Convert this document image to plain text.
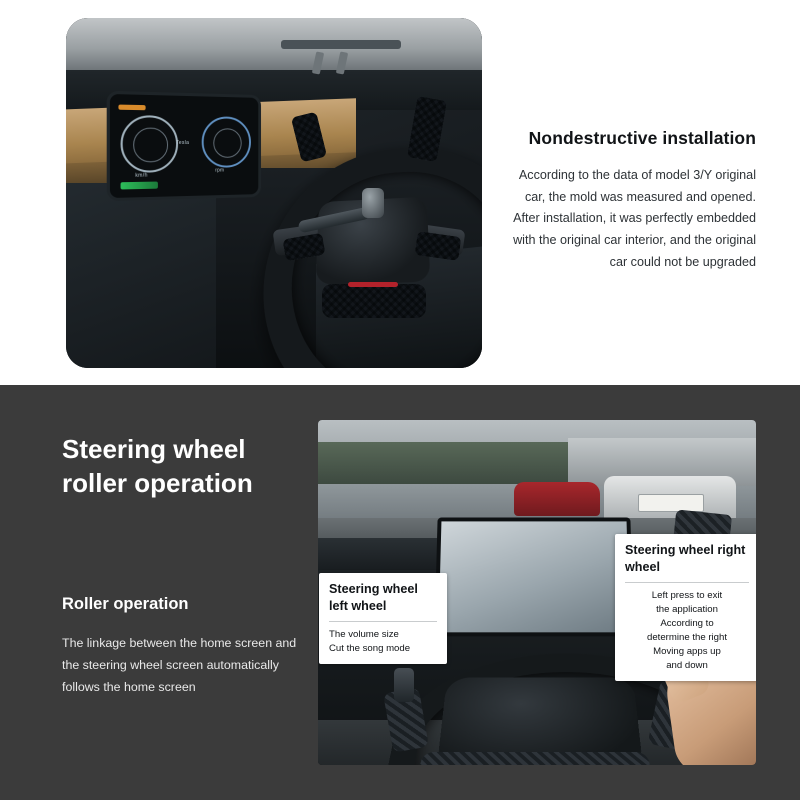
km/h
rpm
Tesla	Nondestructive installation

According to the data of model 3/Y original car, the mold was measured and opened. After installation, it was perfectly embedded with the original car interior, and the original car could not be upgraded

Steering wheel roller operation
Roller operation

The linkage between the home screen and the steering wheel screen automatically follows the home screen

Steering wheel left wheel

The volume size

Cut the song mode

Steering wheel right wheel

Left press to exit

the application

According to

determine the right

Moving apps up

and down
